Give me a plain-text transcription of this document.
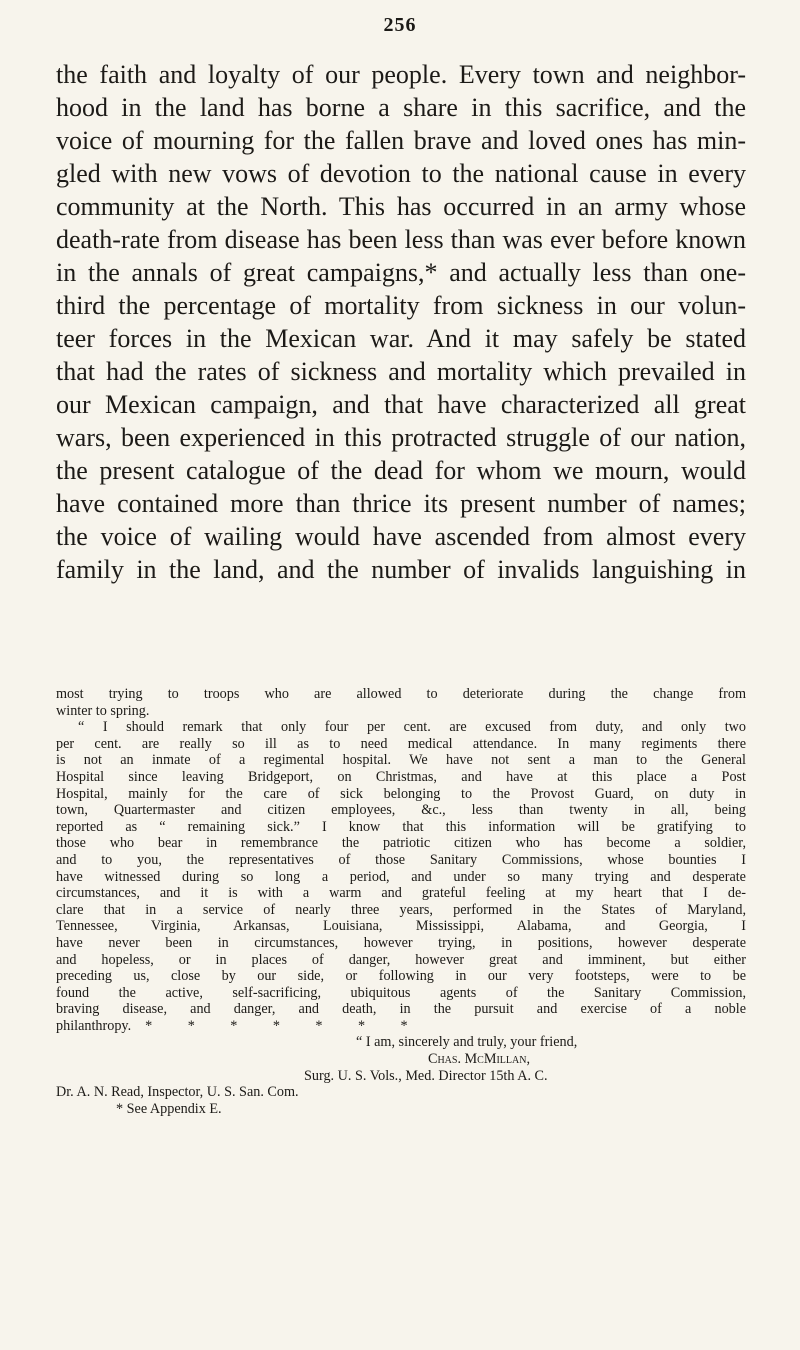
256
the faith and loyalty of our people. Every town and neighbor-
hood in the land has borne a share in this sacrifice, and the
voice of mourning for the fallen brave and loved ones has min-
gled with new vows of devotion to the national cause in every
community at the North. This has occurred in an army whose
death-rate from disease has been less than was ever before known
in the annals of great campaigns,* and actually less than one-
third the percentage of mortality from sickness in our volun-
teer forces in the Mexican war. And it may safely be stated
that had the rates of sickness and mortality which prevailed in
our Mexican campaign, and that have characterized all great
wars, been experienced in this protracted struggle of our nation,
the present catalogue of the dead for whom we mourn, would
have contained more than thrice its present number of names;
the voice of wailing would have ascended from almost every
family in the land, and the number of invalids languishing in
most trying to troops who are allowed to deteriorate during the change from
winter to spring.
“ I should remark that only four per cent. are excused from duty, and only two
per cent. are really so ill as to need medical attendance. In many regiments there
is not an inmate of a regimental hospital. We have not sent a man to the General
Hospital since leaving Bridgeport, on Christmas, and have at this place a Post
Hospital, mainly for the care of sick belonging to the Provost Guard, on duty in
town, Quartermaster and citizen employees, &c., less than twenty in all, being
reported as “ remaining sick.” I know that this information will be gratifying to
those who bear in remembrance the patriotic citizen who has become a soldier,
and to you, the representatives of those Sanitary Commissions, whose bounties I
have witnessed during so long a period, and under so many trying and desperate
circumstances, and it is with a warm and grateful feeling at my heart that I de-
clare that in a service of nearly three years, performed in the States of Maryland,
Tennessee, Virginia, Arkansas, Louisiana, Mississippi, Alabama, and Georgia, I
have never been in circumstances, however trying, in positions, however desperate
and hopeless, or in places of danger, however great and imminent, but either
preceding us, close by our side, or following in our very footsteps, were to be
found the active, self-sacrificing, ubiquitous agents of the Sanitary Commission,
braving disease, and danger, and death, in the pursuit and exercise of a noble
philanthropy. *          *          *          *          *          *          *
“ I am, sincerely and truly, your friend,
Chas. McMillan,
Surg. U. S. Vols., Med. Director 15th A. C.
Dr. A. N. Read, Inspector, U. S. San. Com.
* See Appendix E.
